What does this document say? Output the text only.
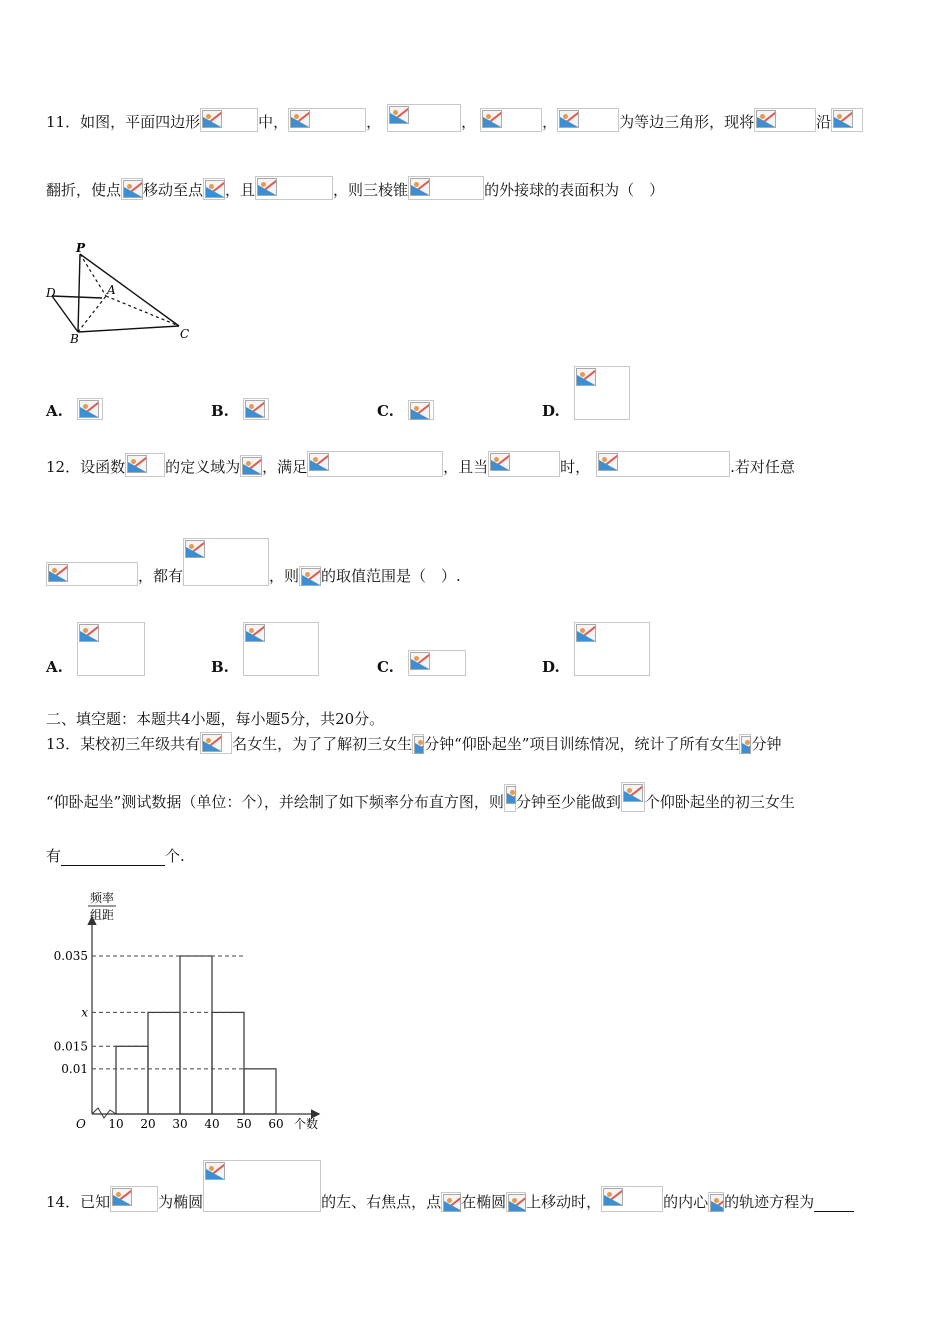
11．如图，平面四边形	中，	，	，	，	为等边三角形，现将	沿
翻折，使点 移动至点 ，且	，则三棱锥	的外接球的表面积为（　）
P
D	A
B	C
A.	B.	C.	D.
12．设函数	的定义域为 ，满足	，且当	时，	.若对任意
，都有	，则 的取值范围是（　）.
A.	B.	C.	D.
二、填空题：本题共4小题，每小题5分，共20分。
13．某校初三年级共有 名女生，为了了解初三女生 分钟“仰卧起坐”项目训练情况，统计了所有女生 分钟
“仰卧起坐”测试数据（单位：个），并绘制了如下频率分布直方图，则 分钟至少能做到 个仰卧起坐的初三女生
有	个.
频率
组距
0.035
x
0.015
0.01
10 20 30 40 50 60 个数
O
14．已知	为椭圆	的左、右焦点，点 在椭圆 上移动时，	的内心 的轨迹方程为
